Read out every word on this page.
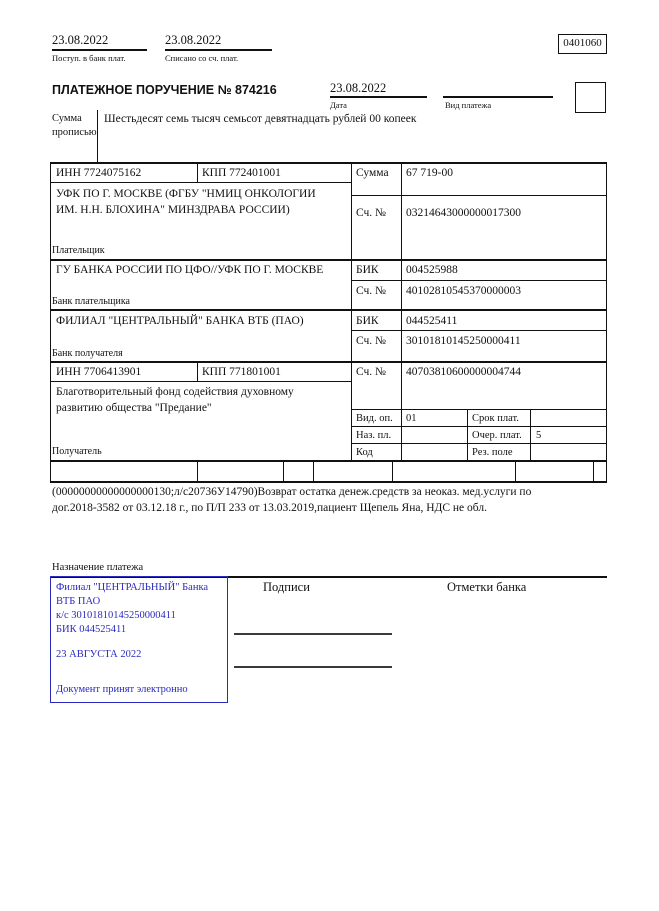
23.08.2022
Поступ. в банк плат.
23.08.2022
Списано со сч. плат.
0401060
ПЛАТЕЖНОЕ ПОРУЧЕНИЕ № 874216	23.08.2022
Дата	Вид платежа
Сумма
прописью
Шестьдесят семь тысяч семьсот девятнадцать рублей 00 копеек
ИНН 7724075162	КПП 772401001	Сумма 67 719-00
Сч. № 03214643000000017300
УФК ПО Г. МОСКВЕ (ФГБУ "НМИЦ ОНКОЛОГИИ
ИМ. Н.Н. БЛОХИНА" МИНЗДРАВА РОССИИ)
Плательщик
ГУ БАНКА РОССИИ ПО ЦФО//УФК ПО Г. МОСКВЕ	БИК 004525988
Сч. № 40102810545370000003
Банк плательщика
ФИЛИАЛ "ЦЕНТРАЛЬНЫЙ" БАНКА ВТБ (ПАО)	БИК 044525411
Сч. № 30101810145250000411
Банк получателя
ИНН 7706413901	КПП 771801001	Сч. № 40703810600000004744
Благотворительный фонд содействия духовному
развитию общества "Предание"
Получатель
Вид. оп. 01	Срок плат.
Наз. пл.	Очер. плат. 5
Код	Рез. поле
(00000000000000000130;л/с20736У14790)Возврат остатка денеж.средств за неоказ. мед.услуги по
дог.2018-3582 от 03.12.18 г., по П/П 233 от 13.03.2019,пациент Щепель Яна, НДС не обл.
Назначение платежа
Подписи	Отметки банка
Филиал "ЦЕНТРАЛЬНЫЙ" Банка
ВТБ ПАО
к/с 30101810145250000411
БИК 044525411
23 АВГУСТА 2022
Документ принят электронно
